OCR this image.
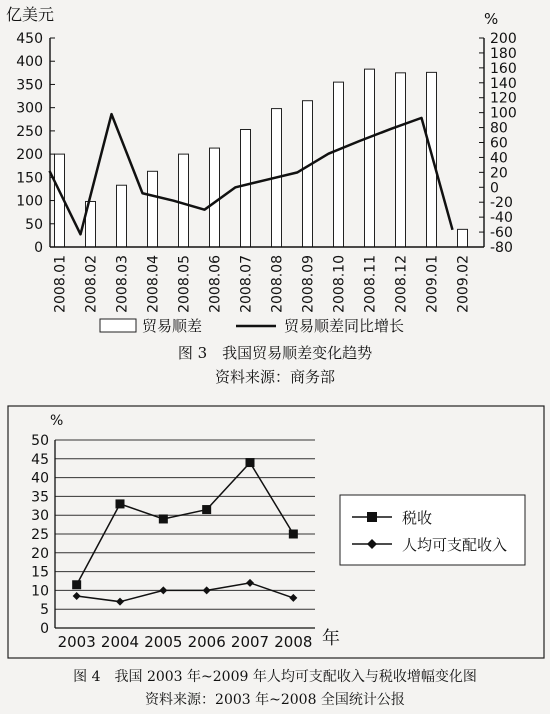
亿美元	%
0
50
100
150
200
250
300
350
400
450
-80
-60
-40
-20
0
20
40
60
80
100
120
140
160
180
200
2008.01 2008.02 2008.03 2008.04 2008.05 2008.06 2008.07 2008.08 2008.09 2008.10 2008.11 2008.12 2009.01 2009.02
贸易顺差	贸易顺差同比增长
图 3　我国贸易顺差变化趋势
资料来源：商务部
%
年
0
5
10
15
20
25
30
35
40
45
50
2003 2004 2005 2006 2007 2008
税收
人均可支配收入
图 4　我国 2003 年~2009 年人均可支配收入与税收增幅变化图
资料来源：2003 年~2008 全国统计公报
